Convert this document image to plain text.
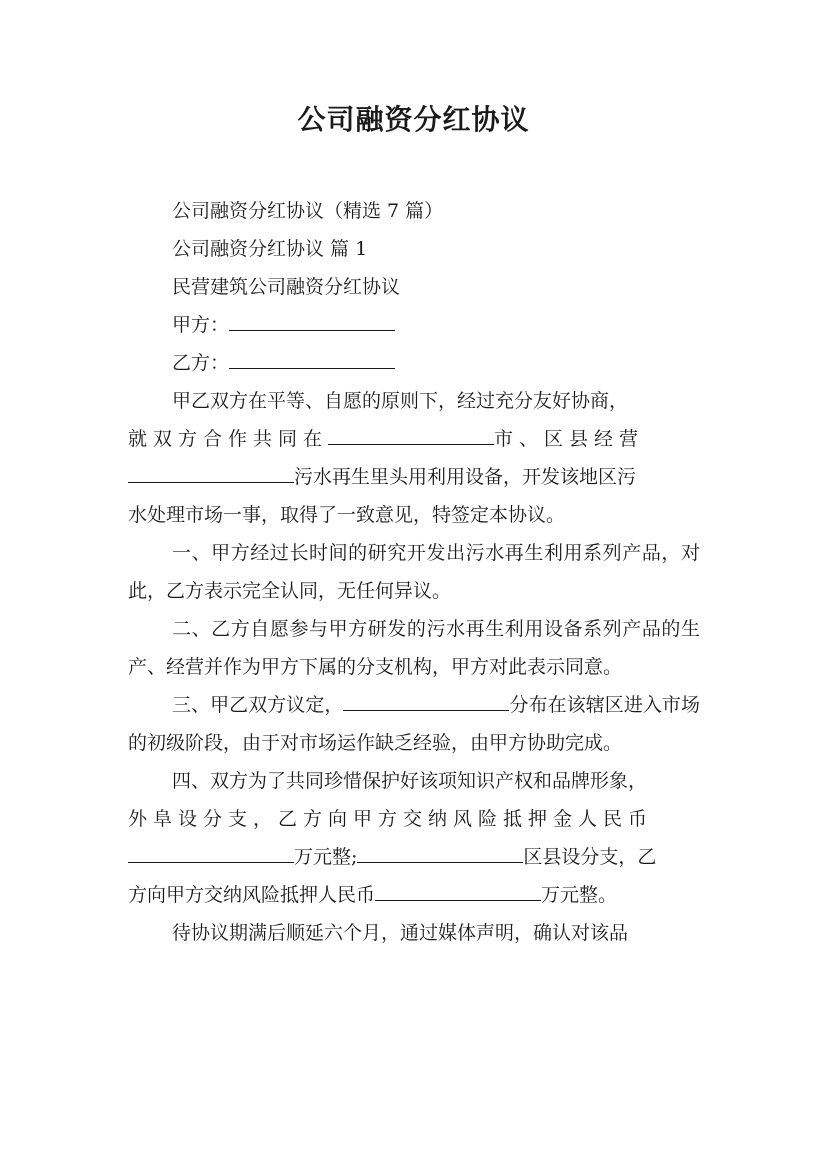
公司融资分红协议
公司融资分红协议（精选 7 篇）
公司融资分红协议 篇 1
民营建筑公司融资分红协议
甲方：
乙方：
甲乙双方在平等、自愿的原则下，经过充分友好协商，
就双方合作共同在	市、区县经营
污水再生里头用利用设备，开发该地区污
水处理市场一事，取得了一致意见，特签定本协议。

一、甲方经过长时间的研究开发出污水再生利用系列产品，对此，乙方表示完全认同，无任何异议。

二、乙方自愿参与甲方研发的污水再生利用设备系列产品的生产、经营并作为甲方下属的分支机构，甲方对此表示同意。

三、甲乙双方议定，	分布在该辖区进入市场的初级阶段，由于对市场运作缺乏经验，由甲方协助完成。

四、双方为了共同珍惜保护好该项知识产权和品牌形象，
外阜设分支，乙方向甲方交纳风险抵押金人民币
万元整;	区县设分支，乙
方向甲方交纳风险抵押人民币	万元整。
待协议期满后顺延六个月，通过媒体声明，确认对该品
